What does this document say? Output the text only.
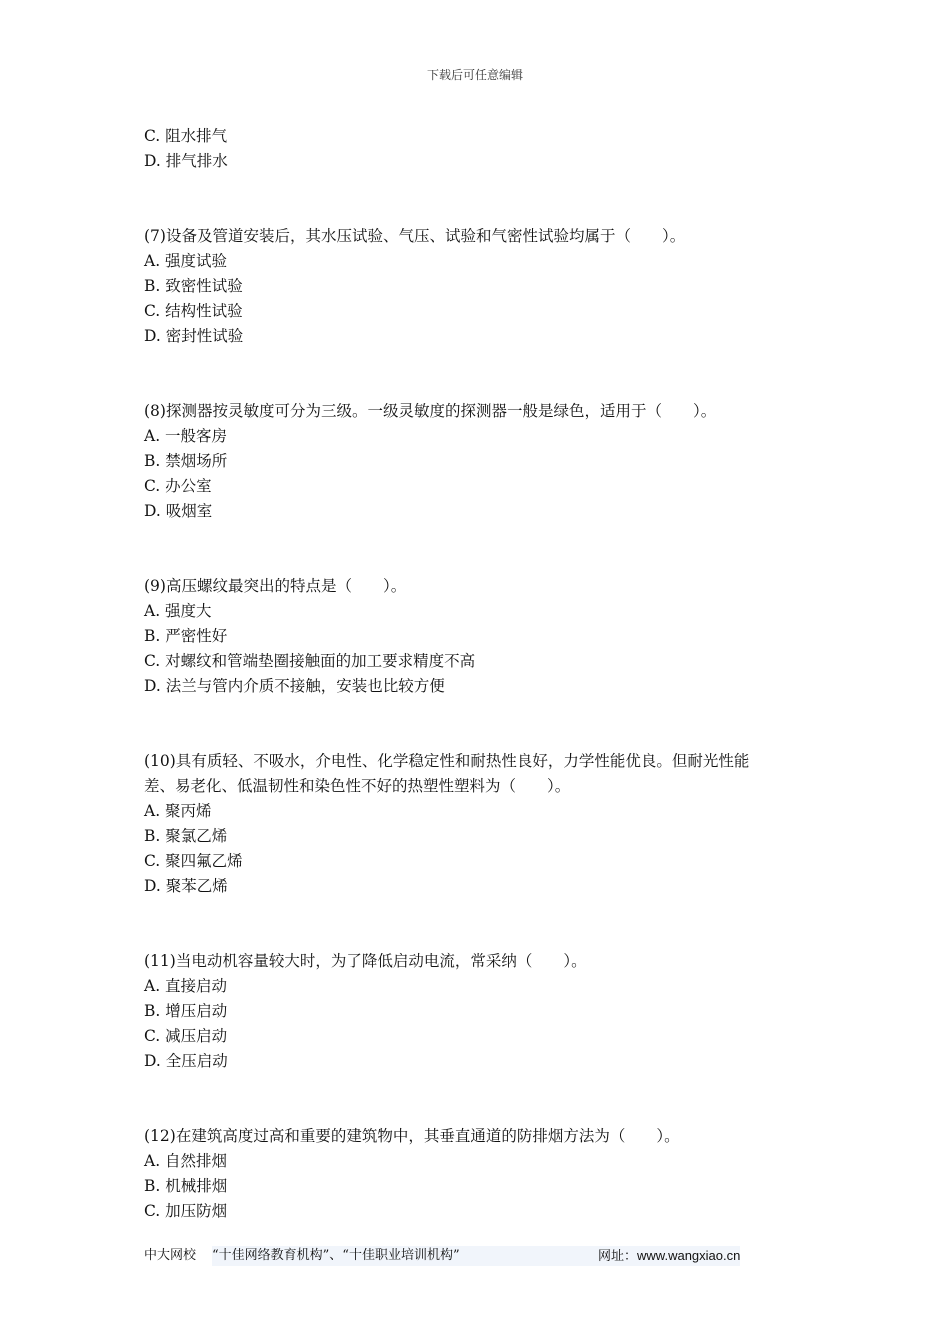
下载后可任意编辑
C. 阻水排气
D. 排气排水
(7)设备及管道安装后，其水压试验、气压、试验和气密性试验均属于（　　）。
A. 强度试验
B. 致密性试验
C. 结构性试验
D. 密封性试验
(8)探测器按灵敏度可分为三级。一级灵敏度的探测器一般是绿色，适用于（　　）。
A. 一般客房
B. 禁烟场所
C. 办公室
D. 吸烟室
(9)高压螺纹最突出的特点是（　　）。
A. 强度大
B. 严密性好
C. 对螺纹和管端垫圈接触面的加工要求精度不高
D. 法兰与管内介质不接触，安装也比较方便
(10)具有质轻、不吸水，介电性、化学稳定性和耐热性良好，力学性能优良。但耐光性能
差、易老化、低温韧性和染色性不好的热塑性塑料为（　　）。
A. 聚丙烯
B. 聚氯乙烯
C. 聚四氟乙烯
D. 聚苯乙烯
(11)当电动机容量较大时，为了降低启动电流，常采纳（　　）。
A. 直接启动
B. 增压启动
C. 减压启动
D. 全压启动
(12)在建筑高度过高和重要的建筑物中，其垂直通道的防排烟方法为（　　）。
A. 自然排烟
B. 机械排烟
C. 加压防烟
中大网校 “十佳网络教育机构”、“十佳职业培训机构”	网址：www.wangxiao.cn
